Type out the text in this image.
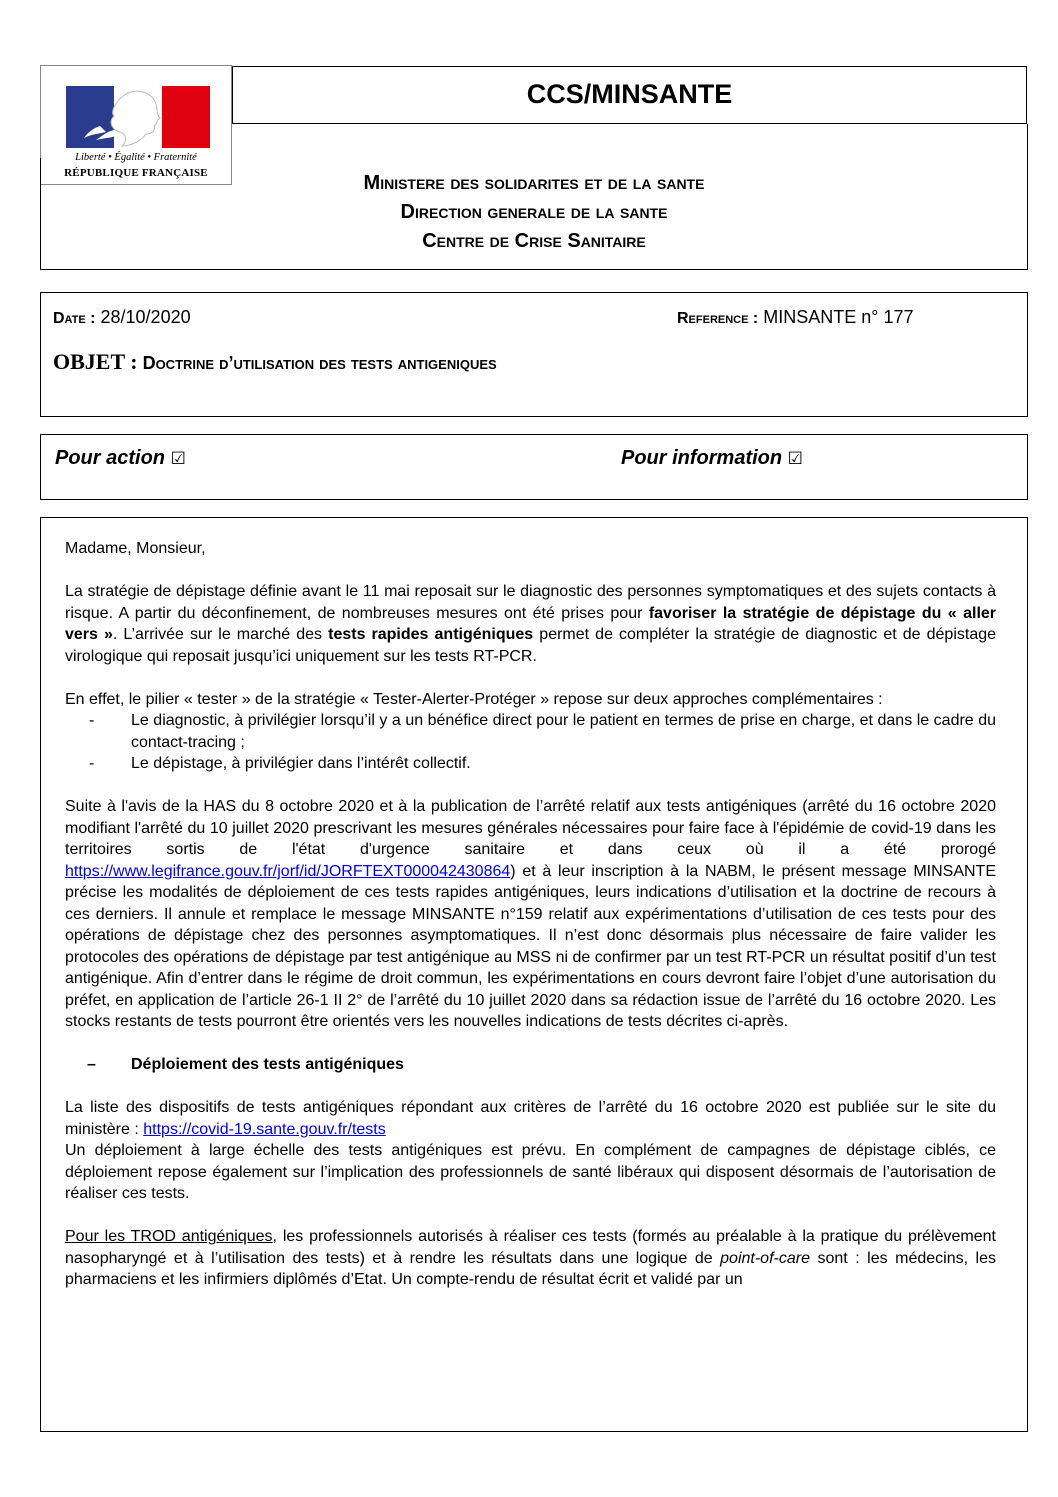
Liberté • Égalité • Fraternité
RÉPUBLIQUE FRANÇAISE
CCS/MINSANTE
Ministere des solidarites et de la sante
Direction generale de la sante
Centre de Crise Sanitaire
Date : 28/10/2020	Reference : MINSANTE n° 177
OBJET : Doctrine d’utilisation des tests antigeniques
Pour action ☑	Pour information ☑

Madame, Monsieur,

La stratégie de dépistage définie avant le 11 mai reposait sur le diagnostic des personnes symptomatiques et des sujets contacts à risque. A partir du déconfinement, de nombreuses mesures ont été prises pour favoriser la stratégie de dépistage du « aller vers ». L’arrivée sur le marché des tests rapides antigéniques permet de compléter la stratégie de diagnostic et de dépistage virologique qui reposait jusqu’ici uniquement sur les tests RT-PCR.

En effet, le pilier « tester » de la stratégie « Tester-Alerter-Protéger » repose sur deux approches complémentaires :

- Le diagnostic, à privilégier lorsqu’il y a un bénéfice direct pour le patient en termes de prise en charge, et dans le cadre du contact-tracing ;
- Le dépistage, à privilégier dans l’intérêt collectif.

Suite à l'avis de la HAS du 8 octobre 2020 et à la publication de l’arrêté relatif aux tests antigéniques (arrêté du 16 octobre 2020 modifiant l'arrêté du 10 juillet 2020 prescrivant les mesures générales nécessaires pour faire face à l'épidémie de covid-19 dans les territoires sortis de l'état d'urgence sanitaire et dans ceux où il a été prorogé https://www.legifrance.gouv.fr/jorf/id/JORFTEXT000042430864) et à leur inscription à la NABM, le présent message MINSANTE précise les modalités de déploiement de ces tests rapides antigéniques, leurs indications d’utilisation et la doctrine de recours à ces derniers. Il annule et remplace le message MINSANTE n°159 relatif aux expérimentations d’utilisation de ces tests pour des opérations de dépistage chez des personnes asymptomatiques. Il n’est donc désormais plus nécessaire de faire valider les protocoles des opérations de dépistage par test antigénique au MSS ni de confirmer par un test RT-PCR un résultat positif d’un test antigénique. Afin d’entrer dans le régime de droit commun, les expérimentations en cours devront faire l’objet d’une autorisation du préfet, en application de l’article 26-1 II 2° de l’arrêté du 10 juillet 2020 dans sa rédaction issue de l’arrêté du 16 octobre 2020. Les stocks restants de tests pourront être orientés vers les nouvelles indications de tests décrites ci-après.

– Déploiement des tests antigéniques

La liste des dispositifs de tests antigéniques répondant aux critères de l’arrêté du 16 octobre 2020 est publiée sur le site du ministère : https://covid-19.sante.gouv.fr/tests

Un déploiement à large échelle des tests antigéniques est prévu. En complément de campagnes de dépistage ciblés, ce déploiement repose également sur l’implication des professionnels de santé libéraux qui disposent désormais de l’autorisation de réaliser ces tests.

Pour les TROD antigéniques, les professionnels autorisés à réaliser ces tests (formés au préalable à la pratique du prélèvement nasopharyngé et à l’utilisation des tests) et à rendre les résultats dans une logique de point-of-care sont : les médecins, les pharmaciens et les infirmiers diplômés d’Etat. Un compte-rendu de résultat écrit et validé par un
